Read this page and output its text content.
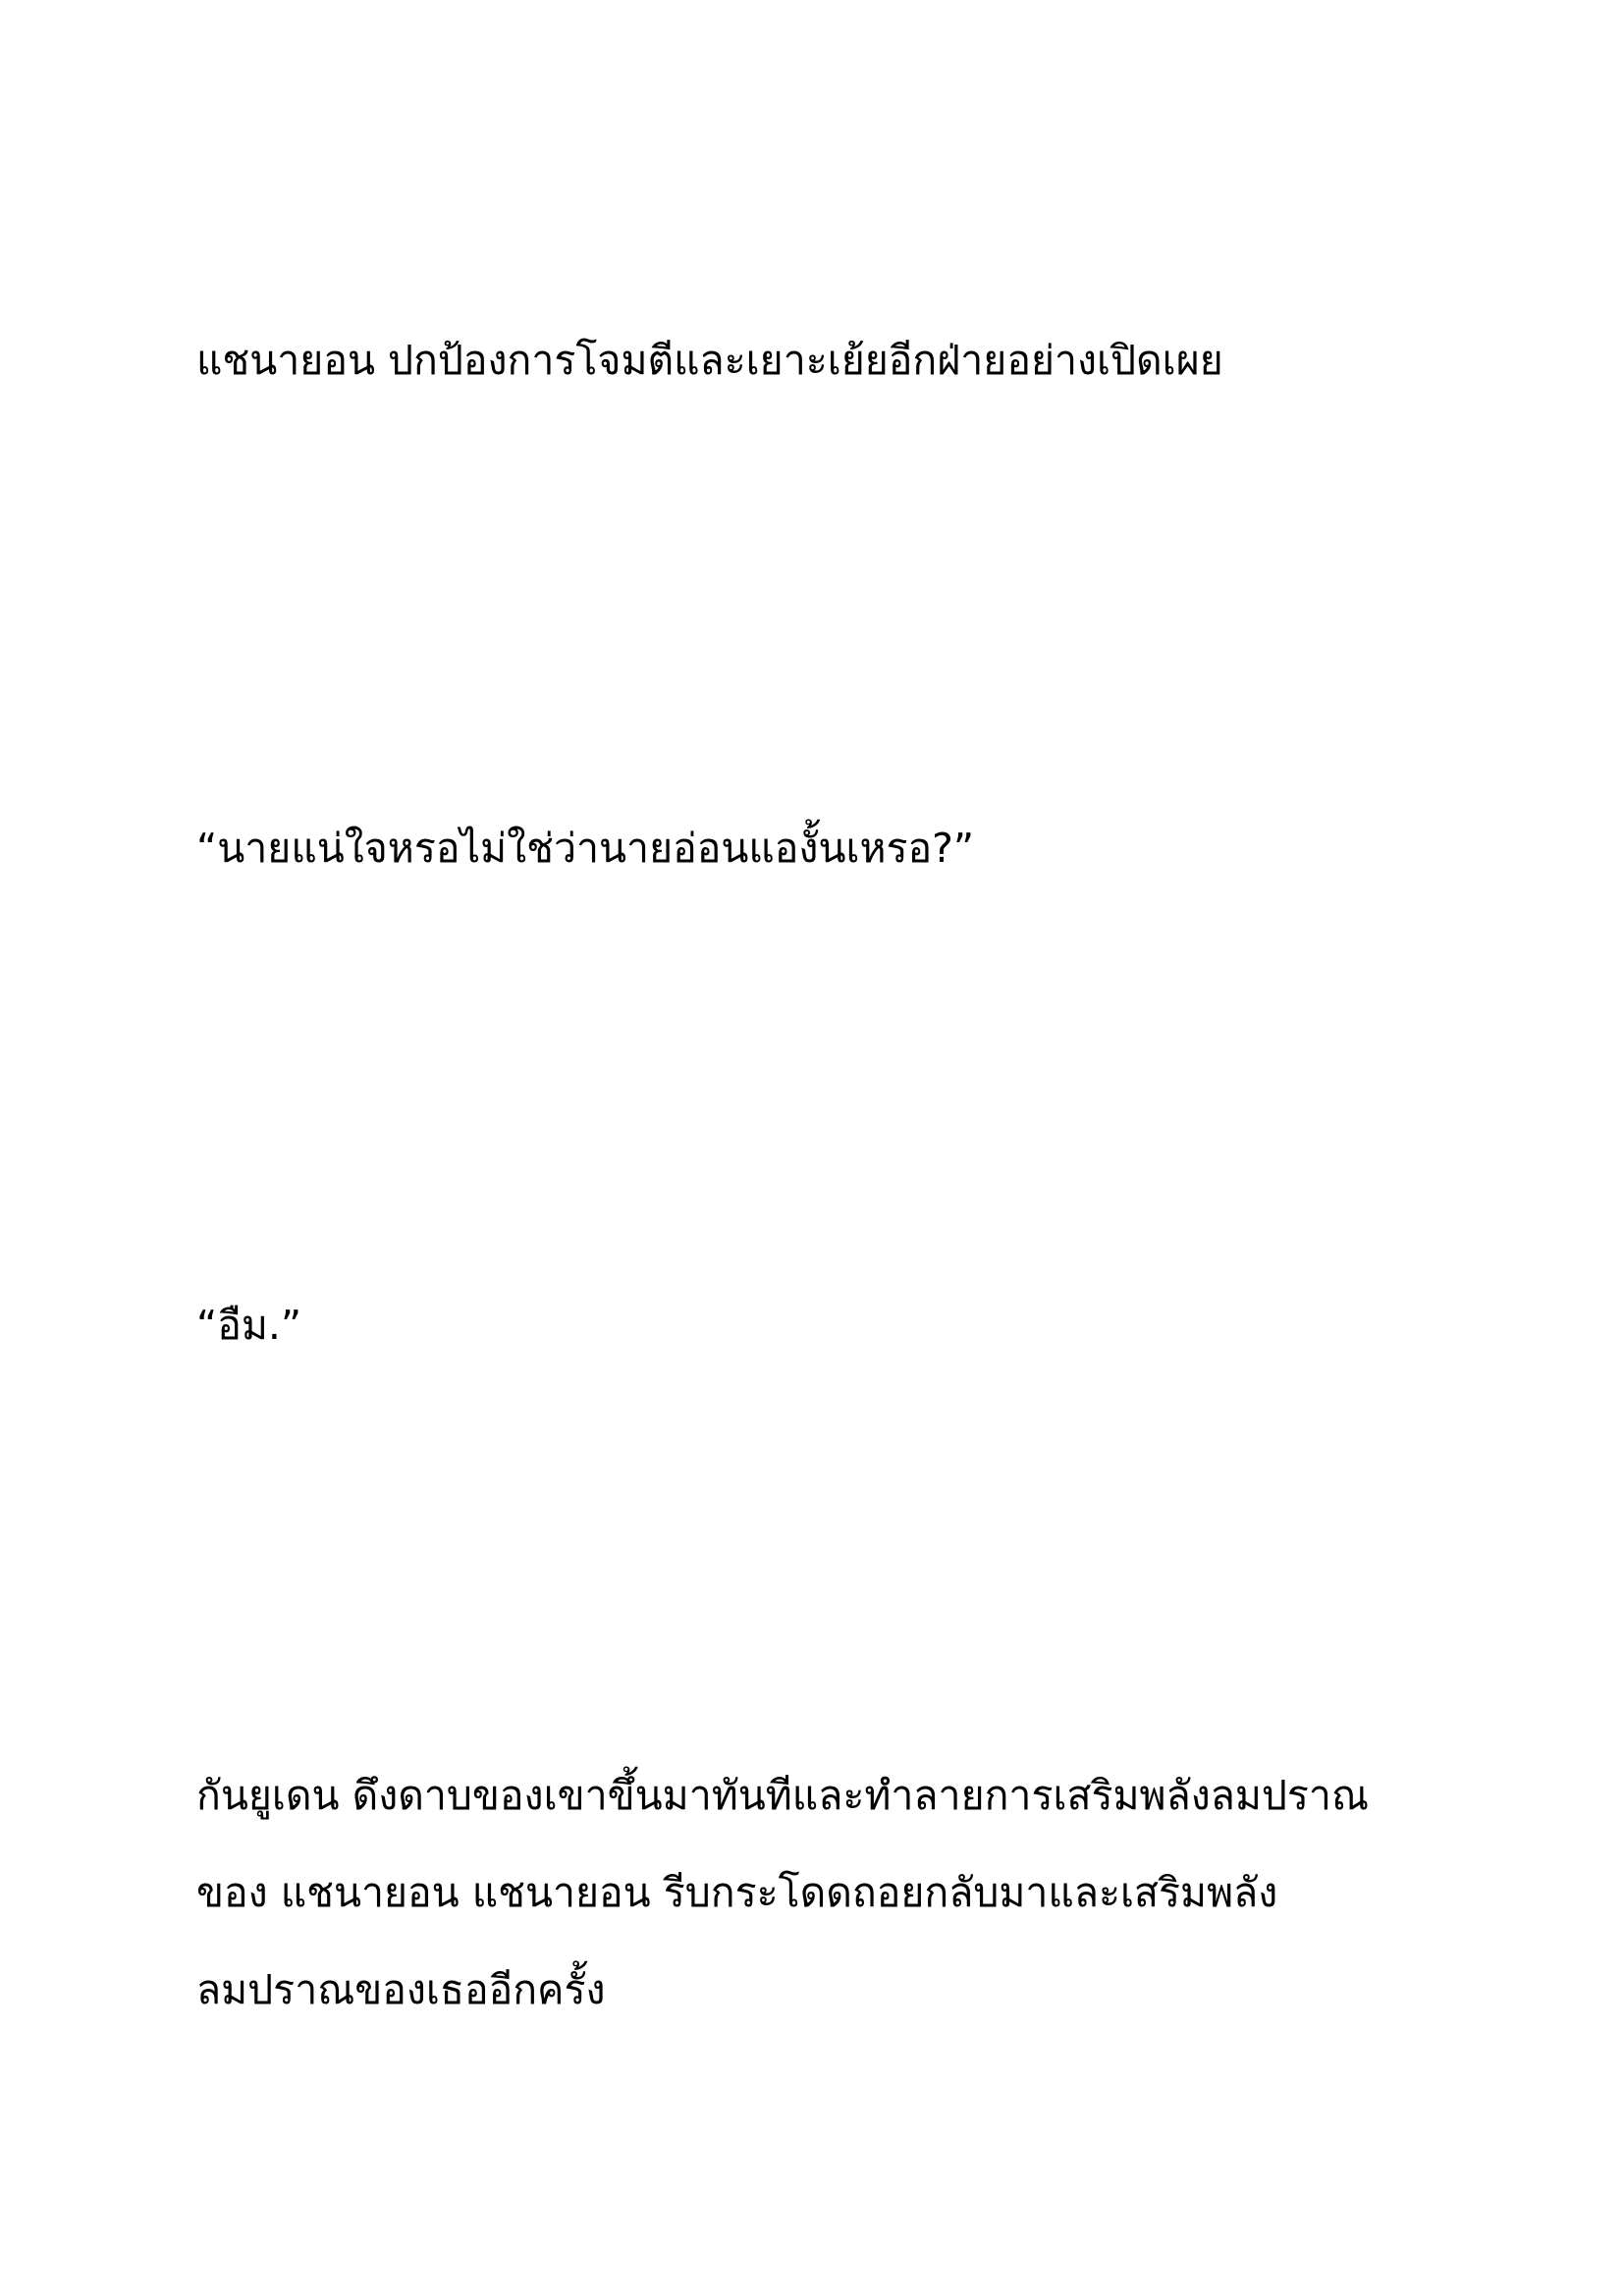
แชนายอน ปกป้องการโจมตีและเยาะเย้ยอีกฝ่ายอย่างเปิดเผย
“นายแน่ใจหรอไม่ใช่ว่านายอ่อนแองั้นเหรอ?”
“อืม.”
กันยูเดน ดึงดาบของเขาขึ้นมาทันทีและทำลายการเสริมพลังลมปราณ
ของ แชนายอน แชนายอน รีบกระโดดถอยกลับมาและเสริมพลัง
ลมปราณของเธออีกครั้ง
